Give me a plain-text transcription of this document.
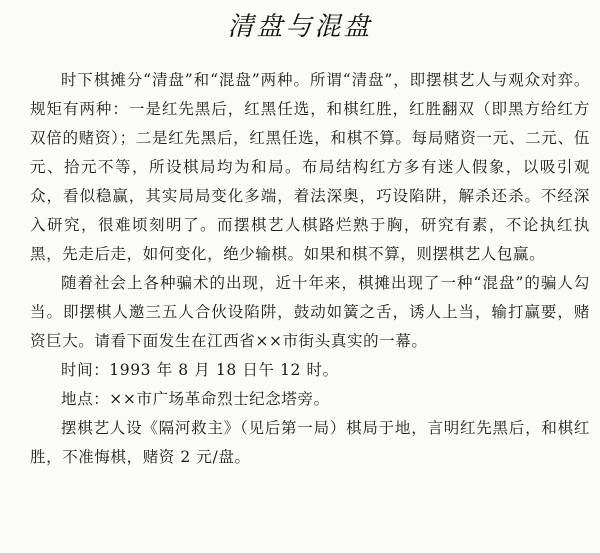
清盘与混盘

时下棋摊分“清盘”和“混盘”两种。所谓“清盘”，即摆棋艺人与观众对弈。规矩有两种：一是红先黑后，红黑任选，和棋红胜，红胜翻双（即黑方给红方双倍的赌资）；二是红先黑后，红黑任选，和棋不算。每局赌资一元、二元、伍元、拾元不等，所设棋局均为和局。布局结构红方多有迷人假象，以吸引观众，看似稳赢，其实局局变化多端，着法深奥，巧设陷阱，解杀还杀。不经深入研究，很难顷刻明了。而摆棋艺人棋路烂熟于胸，研究有素，不论执红执黑，先走后走，如何变化，绝少输棋。如果和棋不算，则摆棋艺人包赢。

随着社会上各种骗术的出现，近十年来，棋摊出现了一种“混盘”的骗人勾当。即摆棋人邀三五人合伙设陷阱，鼓动如簧之舌，诱人上当，输打赢要，赌资巨大。请看下面发生在江西省××市街头真实的一幕。

时间：1993 年 8 月 18 日午 12 时。

地点：××市广场革命烈士纪念塔旁。

摆棋艺人设《隔河救主》（见后第一局）棋局于地，言明红先黑后，和棋红胜，不准悔棋，赌资 2 元/盘。
